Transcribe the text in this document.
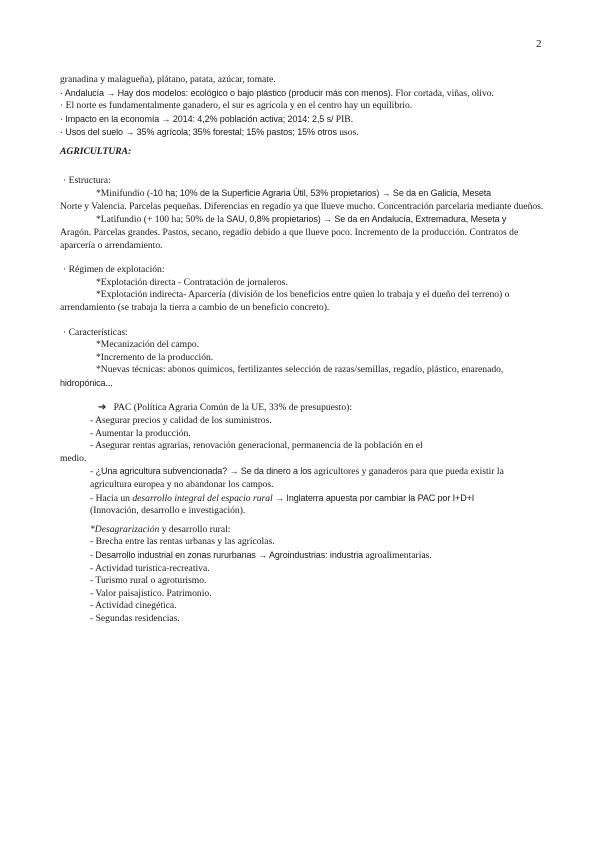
2
granadina y malagueña), plátano, patata, azúcar, tomate.
· Andalucía → Hay dos modelos: ecológico o bajo plástico (producir más con menos). Flor cortada, viñas, olivo.
· El norte es fundamentalmente ganadero, el sur es agrícola y en el centro hay un equilibrio.
· Impacto en la economía → 2014: 4,2% población activa; 2014: 2,5 s/ PIB.
· Usos del suelo → 35% agrícola; 35% forestal; 15% pastos; 15% otros usos.
AGRICULTURA:
· Estructura:
*Minifundio (-10 ha; 10% de la Superficie Agraria Útil, 53% propietarios) → Se da en Galicia, Meseta
Norte y Valencia. Parcelas pequeñas. Diferencias en regadío ya que llueve mucho. Concentración parcelaria mediante dueños.
*Latifundio (+ 100 ha; 50% de la SAU, 0,8% propietarios) → Se da en Andalucía, Extremadura, Meseta y
Aragón. Parcelas grandes. Pastos, secano, regadío debido a que llueve poco. Incremento de la producción. Contratos de aparcería o arrendamiento.
· Régimen de explotación:
*Explotación directa - Contratación de jornaleros.
*Explotación indirecta- Aparcería (división de los beneficios entre quien lo trabaja y el dueño del terreno) o
arrendamiento (se trabaja la tierra a cambio de un beneficio concreto).
· Características:
*Mecanización del campo.
*Incremento de la producción.
*Nuevas técnicas: abonos químicos, fertilizantes selección de razas/semillas, regadío, plástico, enarenado,
hidropónica...
➔ PAC (Política Agraria Común de la UE, 33% de presupuesto):
- Asegurar precios y calidad de los suministros.
- Aumentar la producción.
- Asegurar rentas agrarias, renovación generacional, permanencia de la población en el
medio.
- ¿Una agricultura subvencionada? → Se da dinero a los agricultores y ganaderos para que pueda existir la
agricultura europea y no abandonar los campos.
- Hacia un desarrollo integral del espacio rural → Inglaterra apuesta por cambiar la PAC por I+D+I
(Innovación, desarrollo e investigación).
*Desagrarización y desarrollo rural:
- Brecha entre las rentas urbanas y las agrícolas.
- Desarrollo industrial en zonas rururbanas → Agroindustrias: industria agroalimentarias.
- Actividad turística-recreativa.
- Turismo rural o agroturismo.
- Valor paisajístico. Patrimonio.
- Actividad cinegética.
- Segundas residencias.
